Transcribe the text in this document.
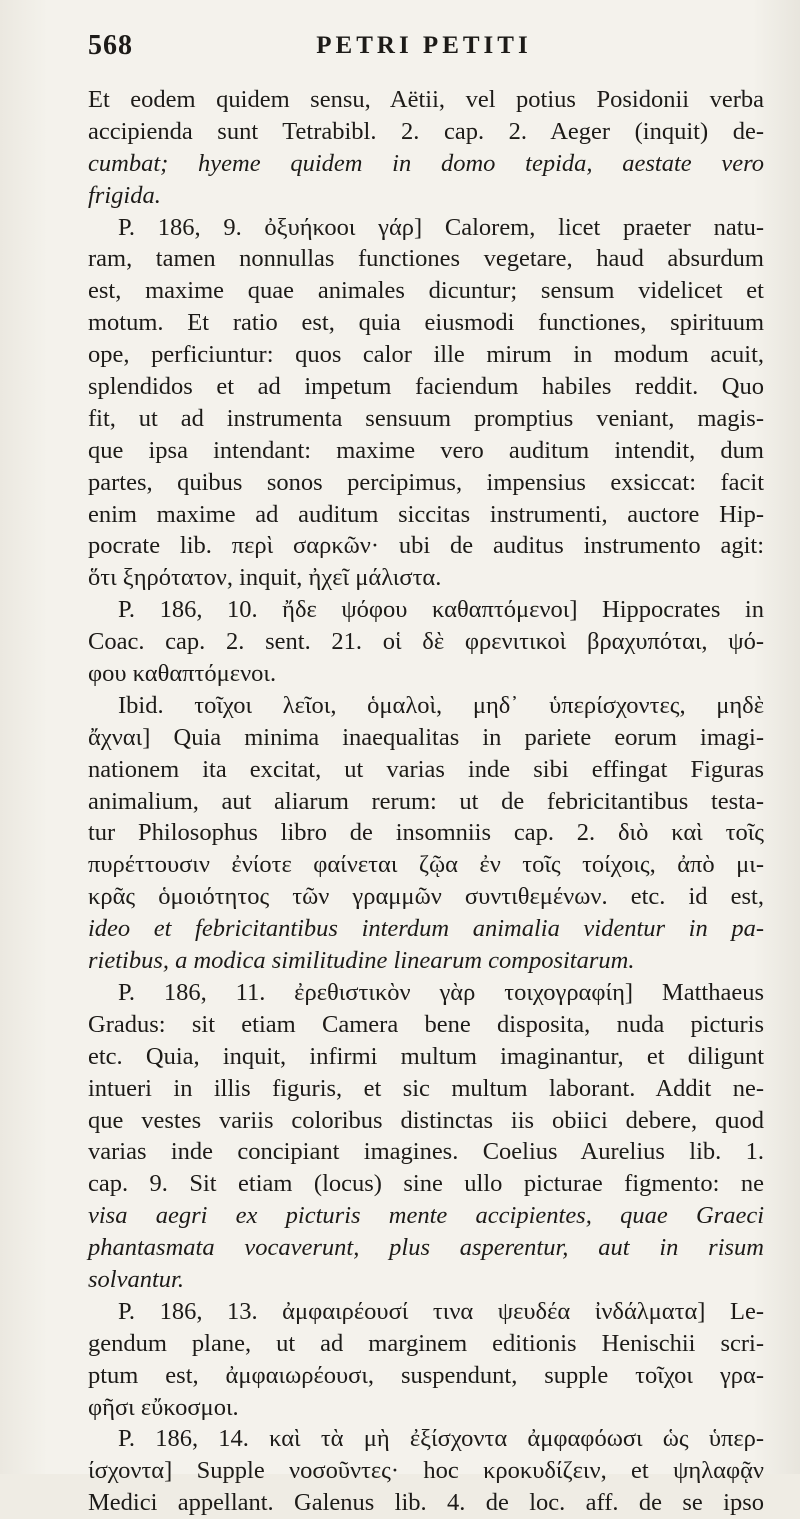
568	PETRI PETITI
Et eodem quidem sensu, Aëtii, vel potius Posidonii verba
accipienda sunt Tetrabibl. 2. cap. 2. Aeger (inquit) de-
cumbat; hyeme quidem in domo tepida, aestate vero
frigida.
P. 186, 9. ὀξυήκοοι γάρ] Calorem, licet praeter natu-
ram, tamen nonnullas functiones vegetare, haud absurdum
est, maxime quae animales dicuntur; sensum videlicet et
motum. Et ratio est, quia eiusmodi functiones, spirituum
ope, perficiuntur: quos calor ille mirum in modum acuit,
splendidos et ad impetum faciendum habiles reddit. Quo
fit, ut ad instrumenta sensuum promptius veniant, magis-
que ipsa intendant: maxime vero auditum intendit, dum
partes, quibus sonos percipimus, impensius exsiccat: facit
enim maxime ad auditum siccitas instrumenti, auctore Hip-
pocrate lib. περὶ σαρκῶν· ubi de auditus instrumento agit:
ὅτι ξηρότατον, inquit, ἠχεῖ μάλιστα.
P. 186, 10. ἤδε ψόφου καθαπτόμενοι] Hippocrates in
Coac. cap. 2. sent. 21. οἱ δὲ φρενιτικοὶ βραχυπόται, ψό-
φου καθαπτόμενοι.
Ibid. τοῖχοι λεῖοι, ὁμαλοὶ, μηδ᾽ ὑπερίσχοντες, μηδὲ
ἄχναι] Quia minima inaequalitas in pariete eorum imagi-
nationem ita excitat, ut varias inde sibi effingat Figuras
animalium, aut aliarum rerum: ut de febricitantibus testa-
tur Philosophus libro de insomniis cap. 2. διὸ καὶ τοῖς
πυρέττουσιν ἐνίοτε φαίνεται ζῷα ἐν τοῖς τοίχοις, ἀπὸ μι-
κρᾶς ὁμοιότητος τῶν γραμμῶν συντιθεμένων. etc. id est,
ideo et febricitantibus interdum animalia videntur in pa-
rietibus, a modica similitudine linearum compositarum.
P. 186, 11. ἐρεθιστικὸν γὰρ τοιχογραφίη] Matthaeus
Gradus: sit etiam Camera bene disposita, nuda picturis
etc. Quia, inquit, infirmi multum imaginantur, et diligunt
intueri in illis figuris, et sic multum laborant. Addit ne-
que vestes variis coloribus distinctas iis obiici debere, quod
varias inde concipiant imagines. Coelius Aurelius lib. 1.
cap. 9. Sit etiam (locus) sine ullo picturae figmento: ne
visa aegri ex picturis mente accipientes, quae Graeci
phantasmata vocaverunt, plus asperentur, aut in risum
solvantur.
P. 186, 13. ἀμφαιρέουσί τινα ψευδέα ἰνδάλματα] Le-
gendum plane, ut ad marginem editionis Henischii scri-
ptum est, ἀμφαιωρέουσι, suspendunt, supple τοῖχοι γρα-
φῆσι εὔκοσμοι.
P. 186, 14. καὶ τὰ μὴ ἐξίσχοντα ἀμφαφόωσι ὡς ὑπερ-
ίσχοντα] Supple νοσοῦντες· hoc κροκυδίζειν, et ψηλαφᾷν
Medici appellant. Galenus lib. 4. de loc. aff. de se ipso
